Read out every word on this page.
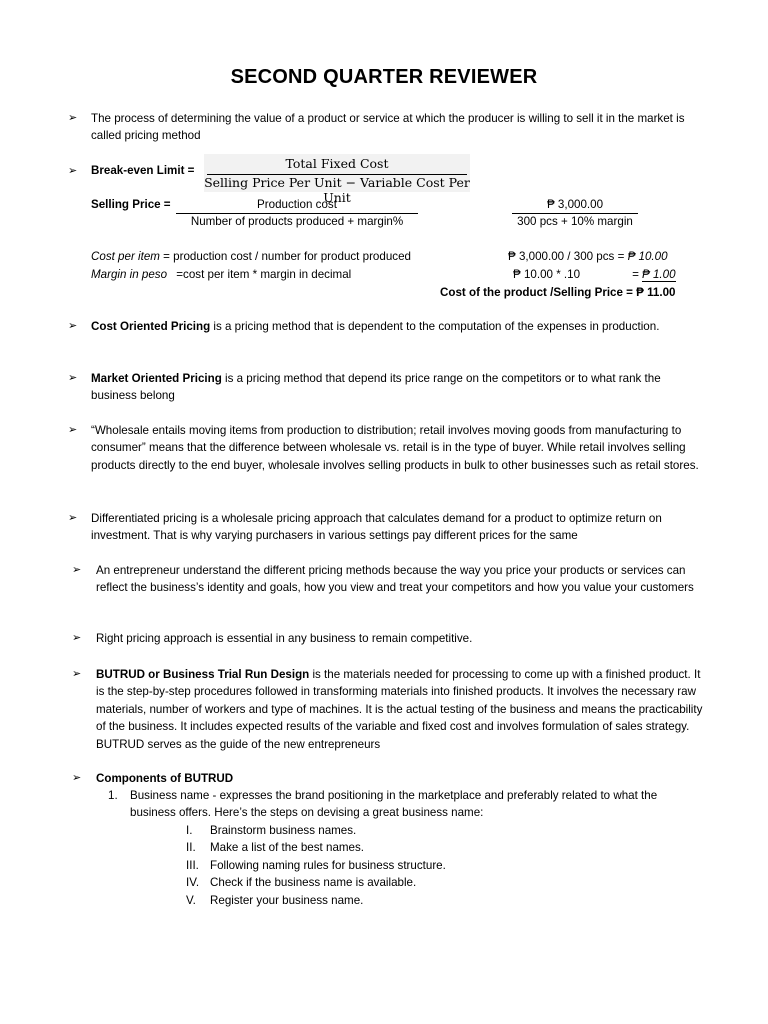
SECOND QUARTER REVIEWER
➢ The process of determining the value of a product or service at which the producer is willing to sell it in the market is called pricing method
➢ Break-even Limit =	Total Fixed Cost
Selling Price Per Unit − Variable Cost Per Unit
Selling Price =	Production cost
Number of products produced + margin%
₱ 3,000.00
300 pcs + 10% margin
Cost per item = production cost / number for product produced	₱ 3,000.00 / 300 pcs = ₱ 10.00
Margin in peso =cost per item * margin in decimal	₱ 10.00 * .10	= ₱ 1.00
Cost of the product /Selling Price = ₱ 11.00
➢ Cost Oriented Pricing is a pricing method that is dependent to the computation of the expenses in production.
➢ Market Oriented Pricing is a pricing method that depend its price range on the competitors or to what rank the business belong
➢ “Wholesale entails moving items from production to distribution; retail involves moving goods from manufacturing to consumer” means that the difference between wholesale vs. retail is in the type of buyer. While retail involves selling products directly to the end buyer, wholesale involves selling products in bulk to other businesses such as retail stores.
➢ Differentiated pricing is a wholesale pricing approach that calculates demand for a product to optimize return on investment. That is why varying purchasers in various settings pay different prices for the same
➢ An entrepreneur understand the different pricing methods because the way you price your products or services can reflect the business’s identity and goals, how you view and treat your competitors and how you value your customers
➢ Right pricing approach is essential in any business to remain competitive.
➢ BUTRUD or Business Trial Run Design is the materials needed for processing to come up with a finished product. It is the step-by-step procedures followed in transforming materials into finished products. It involves the necessary raw materials, number of workers and type of machines. It is the actual testing of the business and means the practicability of the business. It includes expected results of the variable and fixed cost and involves formulation of sales strategy. BUTRUD serves as the guide of the new entrepreneurs
➢ Components of BUTRUD
1. Business name - expresses the brand positioning in the marketplace and preferably related to what the business offers. Here’s the steps on devising a great business name:
I. Brainstorm business names.
II. Make a list of the best names.
III. Following naming rules for business structure.
IV. Check if the business name is available.
V. Register your business name.
